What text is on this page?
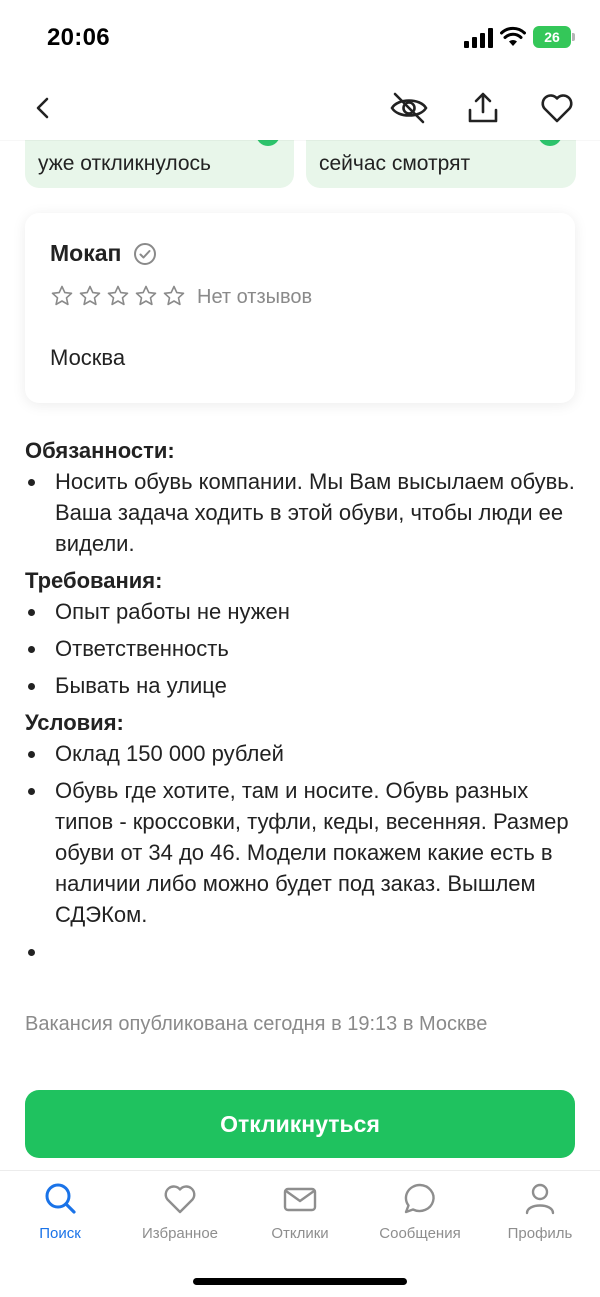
20:06	26
уже откликнулось	сейчас смотрят
Мокап
Нет отзывов
Москва
Обязанности:
Носить обувь компании. Мы Вам высылаем обувь. Ваша задача ходить в этой обуви, чтобы люди ее видели.
Требования:
Опыт работы не нужен
Ответственность
Бывать на улице
Условия:
Оклад 150 000 рублей
Обувь где хотите, там и носите. Обувь разных типов - кроссовки, туфли, кеды, весенняя. Размер обуви от 34 до 46. Модели покажем какие есть в наличии либо можно будет под заказ. Вышлем СДЭКом.
Вакансия опубликована сегодня в 19:13 в Москве
Откликнуться
Поиск	Избранное	Отклики	Сообщения	Профиль
